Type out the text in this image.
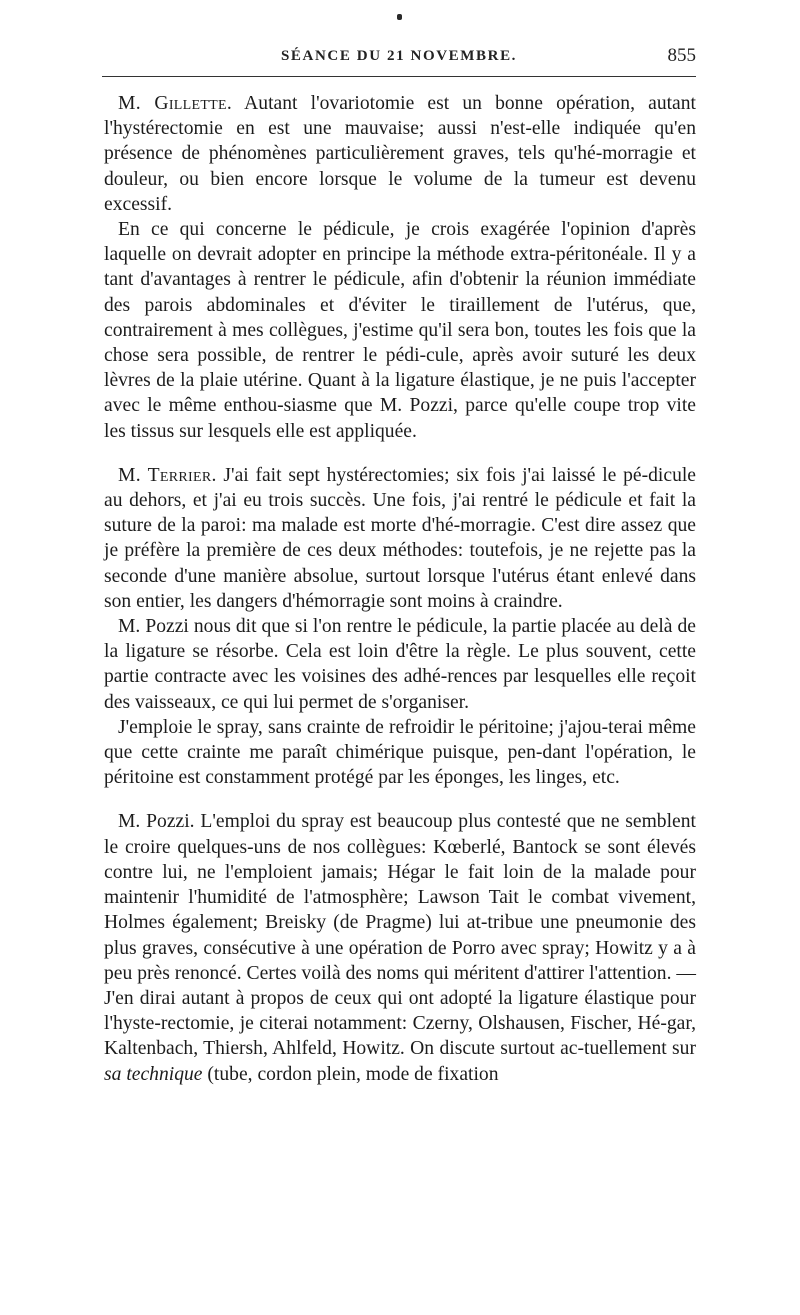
SÉANCE DU 21 NOVEMBRE.	855

M. Gillette. Autant l'ovariotomie est un bonne opération, autant l'hystérectomie en est une mauvaise; aussi n'est-elle indiquée qu'en présence de phénomènes particulièrement graves, tels qu'hé-morragie et douleur, ou bien encore lorsque le volume de la tumeur est devenu excessif.

En ce qui concerne le pédicule, je crois exagérée l'opinion d'après laquelle on devrait adopter en principe la méthode extra-péritonéale. Il y a tant d'avantages à rentrer le pédicule, afin d'obtenir la réunion immédiate des parois abdominales et d'éviter le tiraillement de l'utérus, que, contrairement à mes collègues, j'estime qu'il sera bon, toutes les fois que la chose sera possible, de rentrer le pédi-cule, après avoir suturé les deux lèvres de la plaie utérine. Quant à la ligature élastique, je ne puis l'accepter avec le même enthou-siasme que M. Pozzi, parce qu'elle coupe trop vite les tissus sur lesquels elle est appliquée.

M. Terrier. J'ai fait sept hystérectomies; six fois j'ai laissé le pé-dicule au dehors, et j'ai eu trois succès. Une fois, j'ai rentré le pédicule et fait la suture de la paroi: ma malade est morte d'hé-morragie. C'est dire assez que je préfère la première de ces deux méthodes: toutefois, je ne rejette pas la seconde d'une manière absolue, surtout lorsque l'utérus étant enlevé dans son entier, les dangers d'hémorragie sont moins à craindre.

M. Pozzi nous dit que si l'on rentre le pédicule, la partie placée au delà de la ligature se résorbe. Cela est loin d'être la règle. Le plus souvent, cette partie contracte avec les voisines des adhé-rences par lesquelles elle reçoit des vaisseaux, ce qui lui permet de s'organiser.

J'emploie le spray, sans crainte de refroidir le péritoine; j'ajou-terai même que cette crainte me paraît chimérique puisque, pen-dant l'opération, le péritoine est constamment protégé par les éponges, les linges, etc.

M. Pozzi. L'emploi du spray est beaucoup plus contesté que ne semblent le croire quelques-uns de nos collègues: Kœberlé, Bantock se sont élevés contre lui, ne l'emploient jamais; Hégar le fait loin de la malade pour maintenir l'humidité de l'atmosphère; Lawson Tait le combat vivement, Holmes également; Breisky (de Pragme) lui at-tribue une pneumonie des plus graves, consécutive à une opération de Porro avec spray; Howitz y a à peu près renoncé. Certes voilà des noms qui méritent d'attirer l'attention. — J'en dirai autant à propos de ceux qui ont adopté la ligature élastique pour l'hyste-rectomie, je citerai notamment: Czerny, Olshausen, Fischer, Hé-gar, Kaltenbach, Thiersh, Ahlfeld, Howitz. On discute surtout ac-tuellement sur sa technique (tube, cordon plein, mode de fixation
